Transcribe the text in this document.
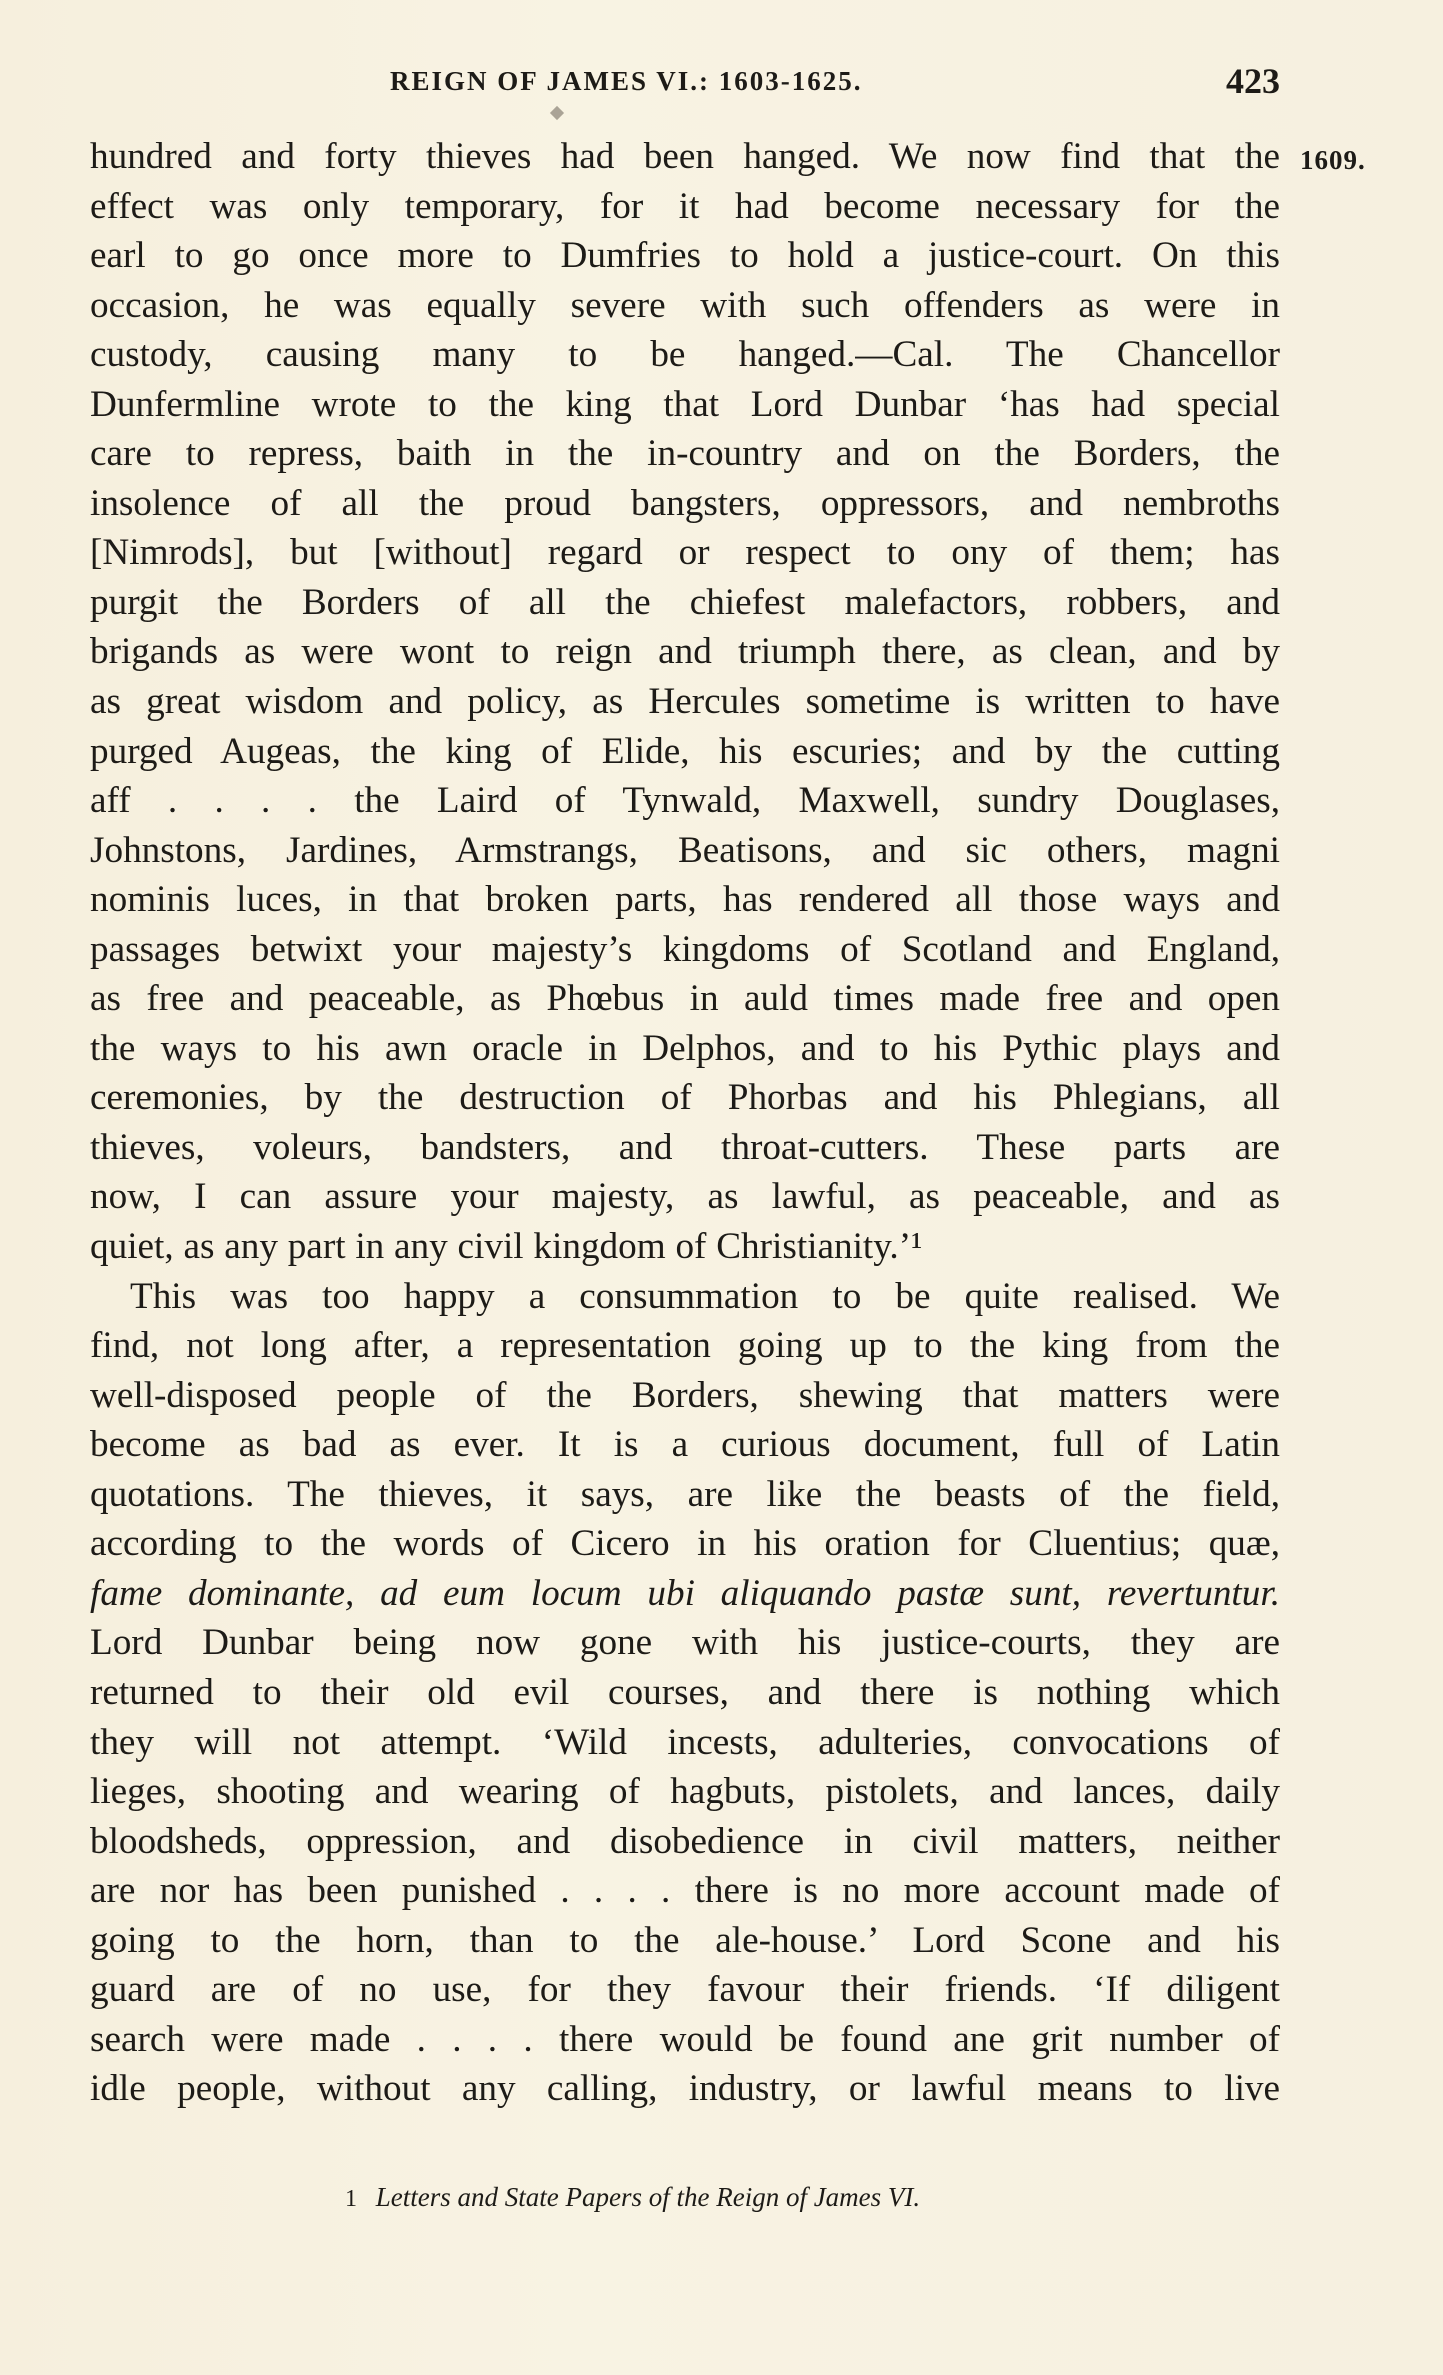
REIGN OF JAMES VI.: 1603-1625.	423
1609.
hundred and forty thieves had been hanged. We now find that the
effect was only temporary, for it had become necessary for the
earl to go once more to Dumfries to hold a justice-court. On this
occasion, he was equally severe with such offenders as were in
custody, causing many to be hanged.—Cal. The Chancellor
Dunfermline wrote to the king that Lord Dunbar ‘has had special
care to repress, baith in the in-country and on the Borders, the
insolence of all the proud bangsters, oppressors, and nembroths
[Nimrods], but [without] regard or respect to ony of them; has
purgit the Borders of all the chiefest malefactors, robbers, and
brigands as were wont to reign and triumph there, as clean, and by
as great wisdom and policy, as Hercules sometime is written to have
purged Augeas, the king of Elide, his escuries; and by the cutting
aff . . . . the Laird of Tynwald, Maxwell, sundry Douglases,
Johnstons, Jardines, Armstrangs, Beatisons, and sic others, magni
nominis luces, in that broken parts, has rendered all those ways and
passages betwixt your majesty’s kingdoms of Scotland and England,
as free and peaceable, as Phœbus in auld times made free and open
the ways to his awn oracle in Delphos, and to his Pythic plays and
ceremonies, by the destruction of Phorbas and his Phlegians, all
thieves, voleurs, bandsters, and throat-cutters. These parts are
now, I can assure your majesty, as lawful, as peaceable, and as
quiet, as any part in any civil kingdom of Christianity.’¹
This was too happy a consummation to be quite realised. We
find, not long after, a representation going up to the king from the
well-disposed people of the Borders, shewing that matters were
become as bad as ever. It is a curious document, full of Latin
quotations. The thieves, it says, are like the beasts of the field,
according to the words of Cicero in his oration for Cluentius; quæ,
fame dominante, ad eum locum ubi aliquando pastæ sunt, revertuntur.
Lord Dunbar being now gone with his justice-courts, they are
returned to their old evil courses, and there is nothing which
they will not attempt. ‘Wild incests, adulteries, convocations of
lieges, shooting and wearing of hagbuts, pistolets, and lances, daily
bloodsheds, oppression, and disobedience in civil matters, neither
are nor has been punished . . . . there is no more account made of
going to the horn, than to the ale-house.’ Lord Scone and his
guard are of no use, for they favour their friends. ‘If diligent
search were made . . . . there would be found ane grit number of
idle people, without any calling, industry, or lawful means to live
1 Letters and State Papers of the Reign of James VI.
